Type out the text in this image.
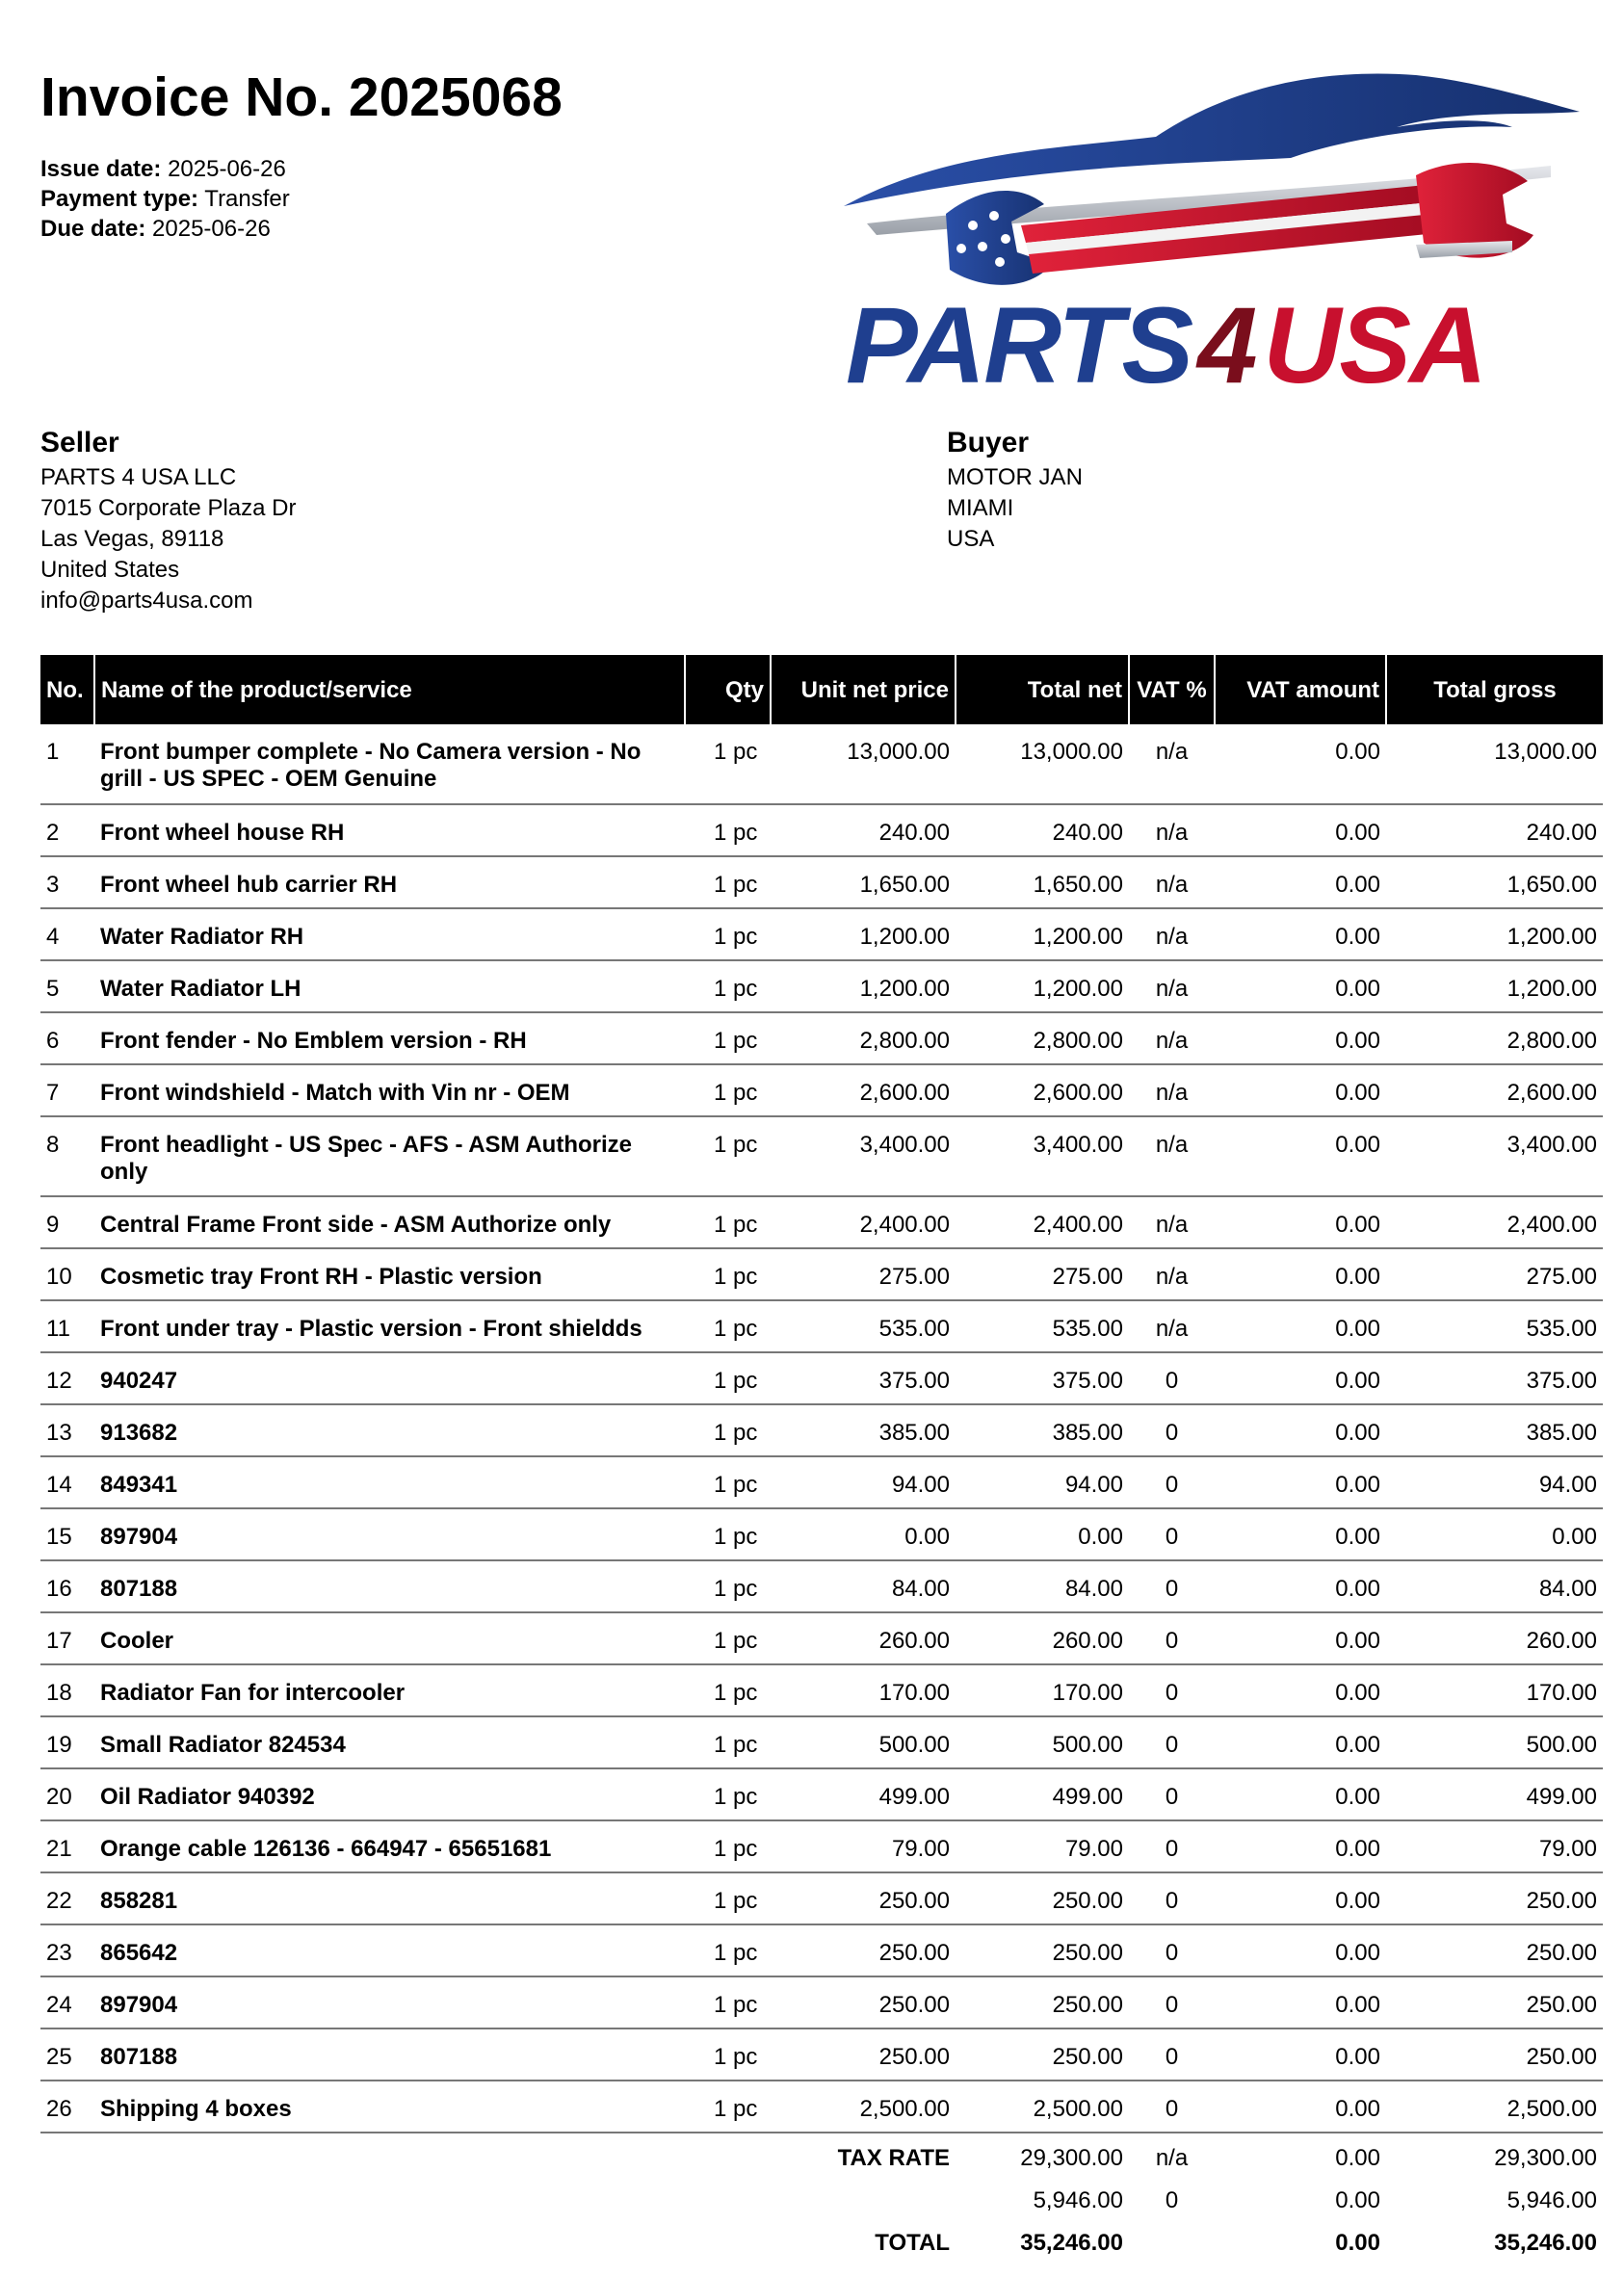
Invoice No. 2025068
Issue date: 2025-06-26
Payment type: Transfer
Due date: 2025-06-26
PARTS4USA
Seller
PARTS 4 USA LLC
7015 Corporate Plaza Dr
Las Vegas, 89118
United States
info@parts4usa.com
Buyer
MOTOR JAN
MIAMI
USA
No.	Name of the product/service	Qty	Unit net price	Total net	VAT %	VAT amount	Total gross
1	Front bumper complete - No Camera version - No grill - US SPEC - OEM Genuine	1 pc	13,000.00	13,000.00	n/a	0.00	13,000.00
2	Front wheel house RH	1 pc	240.00	240.00	n/a	0.00	240.00
3	Front wheel hub carrier RH	1 pc	1,650.00	1,650.00	n/a	0.00	1,650.00
4	Water Radiator RH	1 pc	1,200.00	1,200.00	n/a	0.00	1,200.00
5	Water Radiator LH	1 pc	1,200.00	1,200.00	n/a	0.00	1,200.00
6	Front fender - No Emblem version - RH	1 pc	2,800.00	2,800.00	n/a	0.00	2,800.00
7	Front windshield - Match with Vin nr - OEM	1 pc	2,600.00	2,600.00	n/a	0.00	2,600.00
8	Front headlight - US Spec - AFS - ASM Authorize only	1 pc	3,400.00	3,400.00	n/a	0.00	3,400.00
9	Central Frame Front side - ASM Authorize only	1 pc	2,400.00	2,400.00	n/a	0.00	2,400.00
10	Cosmetic tray Front RH - Plastic version	1 pc	275.00	275.00	n/a	0.00	275.00
11	Front under tray - Plastic version - Front shieldds	1 pc	535.00	535.00	n/a	0.00	535.00
12	940247	1 pc	375.00	375.00	0	0.00	375.00
13	913682	1 pc	385.00	385.00	0	0.00	385.00
14	849341	1 pc	94.00	94.00	0	0.00	94.00
15	897904	1 pc	0.00	0.00	0	0.00	0.00
16	807188	1 pc	84.00	84.00	0	0.00	84.00
17	Cooler	1 pc	260.00	260.00	0	0.00	260.00
18	Radiator Fan for intercooler	1 pc	170.00	170.00	0	0.00	170.00
19	Small Radiator 824534	1 pc	500.00	500.00	0	0.00	500.00
20	Oil Radiator 940392	1 pc	499.00	499.00	0	0.00	499.00
21	Orange cable 126136 - 664947 - 65651681	1 pc	79.00	79.00	0	0.00	79.00
22	858281	1 pc	250.00	250.00	0	0.00	250.00
23	865642	1 pc	250.00	250.00	0	0.00	250.00
24	897904	1 pc	250.00	250.00	0	0.00	250.00
25	807188	1 pc	250.00	250.00	0	0.00	250.00
26	Shipping 4 boxes	1 pc	2,500.00	2,500.00	0	0.00	2,500.00
	TAX RATE	29,300.00	n/a	0.00	29,300.00
		5,946.00	0	0.00	5,946.00
	TOTAL	35,246.00		0.00	35,246.00
